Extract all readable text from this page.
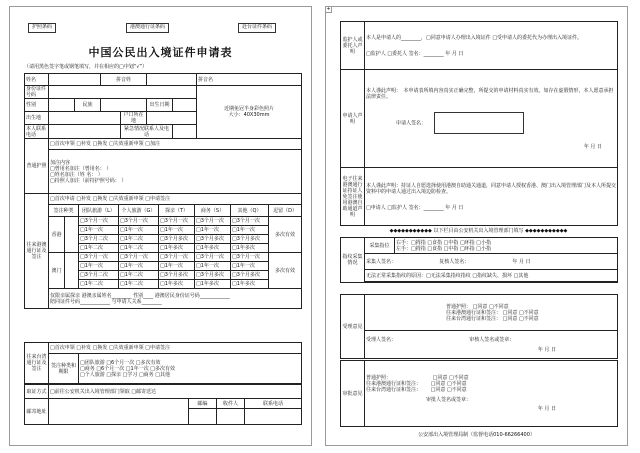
护照条码	港澳通行证条码	赴台证件条码
中国公民出入境证件申请表
（请用黑色签字笔或钢笔填写，并在相应的□中划“√”）
姓名			拼音姓				拼音名
身份证件号码							近期免冠半身彩色照片
大小：40X30mm

性别		民族			出生日期		
出生地				户口所在地			
本人联系电话				紧急情况联系人及电话			
普通护照	□首次申领 □补发 □换发 □失效重新申领 □加注

加注内容
□曾用名加注（曾用名： ）
□姓名加注（姓 名： ）
□持照人加注（前持护照号码： ）
往来港澳通行证及签注	□首次申请 □补发 □换发 □失效重新申领 □申请签注							
	签注种类		团队旅游（L）	个人旅游（G）	探亲（T）	商务（S）	其他（Q）	逗留（D）
	香港		□3个月一次	□3个月一次	□3个月一次	□3个月一次	□3个月一次	多次有效
			□1年一次	□1年一次	□1年一次	□1年一次	□1年一次	
			□3个月二次	□1年二次	□3个月多次	□3个月多次	□3个月多次	
			□1年二次	□1年二次	□1年多次	□1年多次	□1年多次	
	澳门		□3个月一次	□3个月一次	□3个月一次	□3个月一次	□3个月一次	多次有效
			□1年一次	□1年一次	□1年一次	□1年一次	□1年一次	
			□3个月二次	□1年二次	□3个月多次	□3个月多次	□3个月多次	
			□1年二次	□1年二次	□1年多次	□1年多次	□1年多次	

	仅限亲属探亲 港澳亲属姓名________ 性别____ 港澳居民身份证号码____________
陪同证件号码____________ 与申请人关系________							
往来台湾通行证及签注	□首次申领 □补发 □换发 □失效重新申领 □申请签注	
	签注种类和期限	□团队旅游 □6个月一次 □多次有效
□商务 □6个月一次 □1年一次 □多次有效
□个人旅游 □探亲 □学习 □商务 □其他
取证方式	□前往公安机关出入境管理部门领取 □邮寄送达			
邮寄地址		邮编	收件人	联系电话

+
监护人或委托人声明	本人是申请人的________，□同意申请人办理出入境证件 □受申请人的委托代为办理出入境证件。
□监护人 □委托人 签名：________ 年 月 日

申请人声明	本人谨此声明：　本申请表所填内容真实正确完整，所提交的申请材料真实有效。如存在虚假情形，本人愿意承担法律责任。
申请人签名：
年 月 日

电子往来港澳通行证持证人免签注使用港澳自助通道声明	本人谨此声明：持证人自愿选择使用港澳自助通关通道，同意申请人授权香港、澳门出入境管理部门及本人所提交资料中的申请人通过出入境边防检查。
□申请人 □监护人 签名：________ 年 月 日
◆◆◆◆◆◆◆◆◆◆◆ 以下栏目由公安机关出入境管理部门填写 ◆◆◆◆◆◆◆◆◆◆◆
指纹采集情况	采集指位	右手：□拇指 □食指 □中指 □环指 □小指
左手：□拇指 □食指 □中指 □环指 □小指

采集人签名：	复核人签名：	年 月 日
无法正常采集指纹的原因：□无法采集指纹指纹 □指纹缺失、损坏 □其他

受理意见	
普通护照： □同意 □不同意
往来港澳通行证和签注： □同意 □不同意
往来台湾通行证和签注： □同意 □不同意

受理人签名：	审核人签名或签章：
年 月 日
审批意见	
普通护照：	□同意 □不同意
往来港澳通行证和签注： □同意 □不同意
往来台湾通行证和签注： □同意 □不同意
审批人签名或签章：
年 月 日
公安部出入境管理局制（监督电话010-66266400）
